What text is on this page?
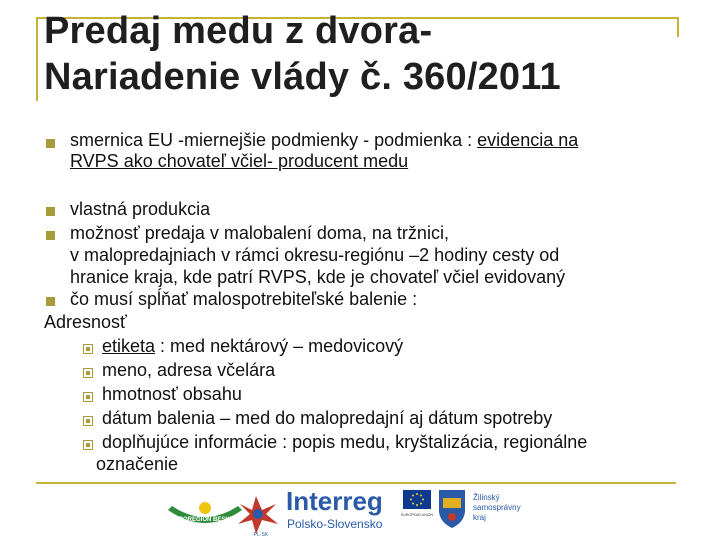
Predaj medu z dvora-
Nariadenie vlády č. 360/2011
smernica EU -miernejšie podmienky - podmienka : evidencia na
RVPS ako chovateľ včiel- producent medu
vlastná produkcia
možnosť predaja v malobalení doma, na tržnici,
v malopredajniach v rámci okresu-regiónu –2 hodiny cesty od
hranice kraja, kde patrí RVPS, kde je chovateľ včiel evidovaný
čo musí spĺňať malospotrebiteľské balenie :
Adresnosť
etiketa : med nektárový – medovicový
meno, adresa včelára
hmotnosť obsahu
dátum balenia – med do malopredajní aj dátum spotreby
doplňujúce informácie : popis medu, kryštalizácia, regionálne
označenie
EUROREGION BESKIDY
PL-SK
Interreg
Polsko-Slovensko
EUROPEAN UNION
Žilinský
samosprávny
kraj
